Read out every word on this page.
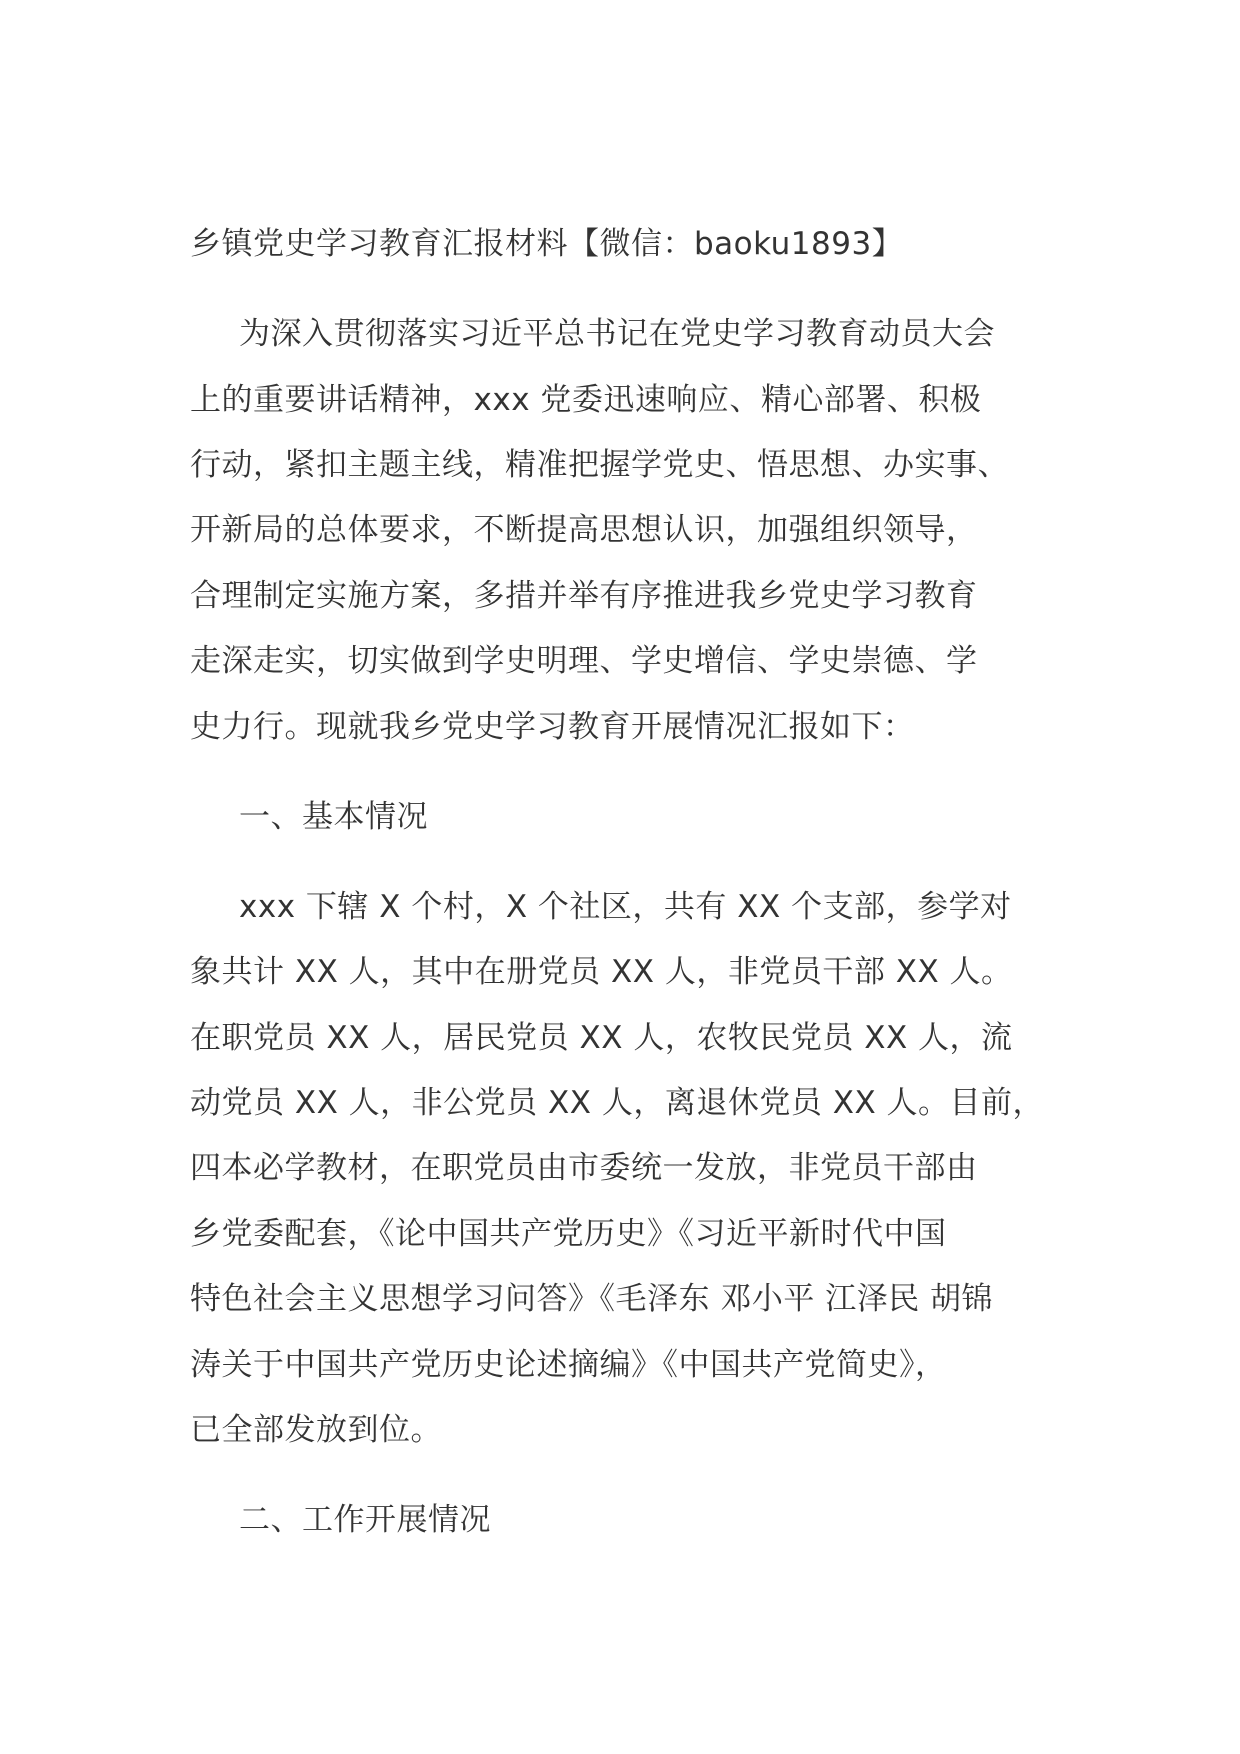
乡镇党史学习教育汇报材料【微信：baoku1893】

为深入贯彻落实习近平总书记在党史学习教育动员大会

上的重要讲话精神，xxx 党委迅速响应、精心部署、积极

行动，紧扣主题主线，精准把握学党史、悟思想、办实事、

开新局的总体要求，不断提高思想认识，加强组织领导，

合理制定实施方案，多措并举有序推进我乡党史学习教育

走深走实，切实做到学史明理、学史增信、学史崇德、学

史力行。现就我乡党史学习教育开展情况汇报如下：

一、基本情况

xxx 下辖 X 个村，X 个社区，共有 XX 个支部，参学对

象共计 XX 人，其中在册党员 XX 人，非党员干部 XX 人。

在职党员 XX 人，居民党员 XX 人，农牧民党员 XX 人，流

动党员 XX 人，非公党员 XX 人，离退休党员 XX 人。目前，

四本必学教材，在职党员由市委统一发放，非党员干部由

乡党委配套，《论中国共产党历史》《习近平新时代中国

特色社会主义思想学习问答》《毛泽东 邓小平 江泽民 胡锦

涛关于中国共产党历史论述摘编》《中国共产党简史》，

已全部发放到位。

二、工作开展情况
